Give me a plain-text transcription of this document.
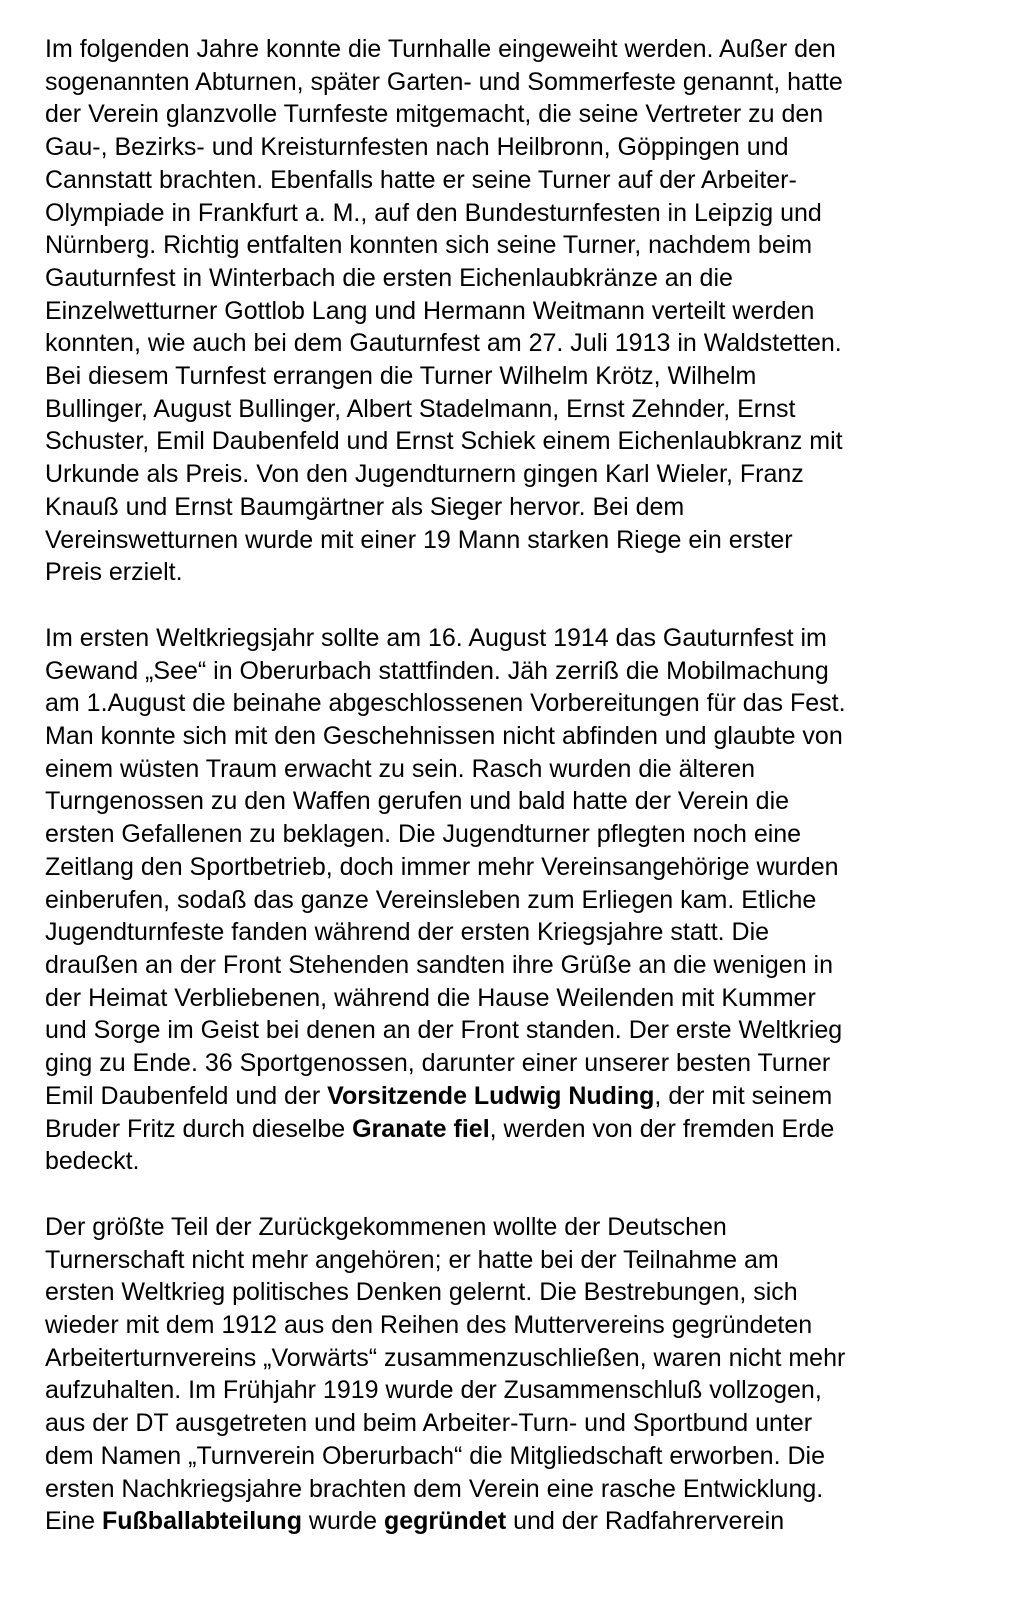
Im folgenden Jahre konnte die Turnhalle eingeweiht werden. Außer den
sogenannten Abturnen, später Garten- und Sommerfeste genannt, hatte
der Verein glanzvolle Turnfeste mitgemacht, die seine Vertreter zu den
Gau-, Bezirks- und Kreisturnfesten nach Heilbronn, Göppingen und
Cannstatt brachten. Ebenfalls hatte er seine Turner auf der Arbeiter-
Olympiade in Frankfurt a. M., auf den Bundesturnfesten in Leipzig und
Nürnberg. Richtig entfalten konnten sich seine Turner, nachdem beim
Gauturnfest in Winterbach die ersten Eichenlaubkränze an die
Einzelwetturner Gottlob Lang und Hermann Weitmann verteilt werden
konnten, wie auch bei dem Gauturnfest am 27. Juli 1913 in Waldstetten.
Bei diesem Turnfest errangen die Turner Wilhelm Krötz, Wilhelm
Bullinger, August Bullinger, Albert Stadelmann, Ernst Zehnder, Ernst
Schuster, Emil Daubenfeld und Ernst Schiek einem Eichenlaubkranz mit
Urkunde als Preis. Von den Jugendturnern gingen Karl Wieler, Franz
Knauß und Ernst Baumgärtner als Sieger hervor. Bei dem
Vereinswetturnen wurde mit einer 19 Mann starken Riege ein erster
Preis erzielt.

Im ersten Weltkriegsjahr sollte am 16. August 1914 das Gauturnfest im
Gewand „See“ in Oberurbach stattfinden. Jäh zerriß die Mobilmachung
am 1.August die beinahe abgeschlossenen Vorbereitungen für das Fest.
Man konnte sich mit den Geschehnissen nicht abfinden und glaubte von
einem wüsten Traum erwacht zu sein. Rasch wurden die älteren
Turngenossen zu den Waffen gerufen und bald hatte der Verein die
ersten Gefallenen zu beklagen. Die Jugendturner pflegten noch eine
Zeitlang den Sportbetrieb, doch immer mehr Vereinsangehörige wurden
einberufen, sodaß das ganze Vereinsleben zum Erliegen kam. Etliche
Jugendturnfeste fanden während der ersten Kriegsjahre statt. Die
draußen an der Front Stehenden sandten ihre Grüße an die wenigen in
der Heimat Verbliebenen, während die Hause Weilenden mit Kummer
und Sorge im Geist bei denen an der Front standen. Der erste Weltkrieg
ging zu Ende. 36 Sportgenossen, darunter einer unserer besten Turner
Emil Daubenfeld und der Vorsitzende Ludwig Nuding, der mit seinem
Bruder Fritz durch dieselbe Granate fiel, werden von der fremden Erde
bedeckt.

Der größte Teil der Zurückgekommenen wollte der Deutschen
Turnerschaft nicht mehr angehören; er hatte bei der Teilnahme am
ersten Weltkrieg politisches Denken gelernt. Die Bestrebungen, sich
wieder mit dem 1912 aus den Reihen des Muttervereins gegründeten
Arbeiterturnvereins „Vorwärts“ zusammenzuschließen, waren nicht mehr
aufzuhalten. Im Frühjahr 1919 wurde der Zusammenschluß vollzogen,
aus der DT ausgetreten und beim Arbeiter-Turn- und Sportbund unter
dem Namen „Turnverein Oberurbach“ die Mitgliedschaft erworben. Die
ersten Nachkriegsjahre brachten dem Verein eine rasche Entwicklung.
Eine Fußballabteilung wurde gegründet und der Radfahrerverein
